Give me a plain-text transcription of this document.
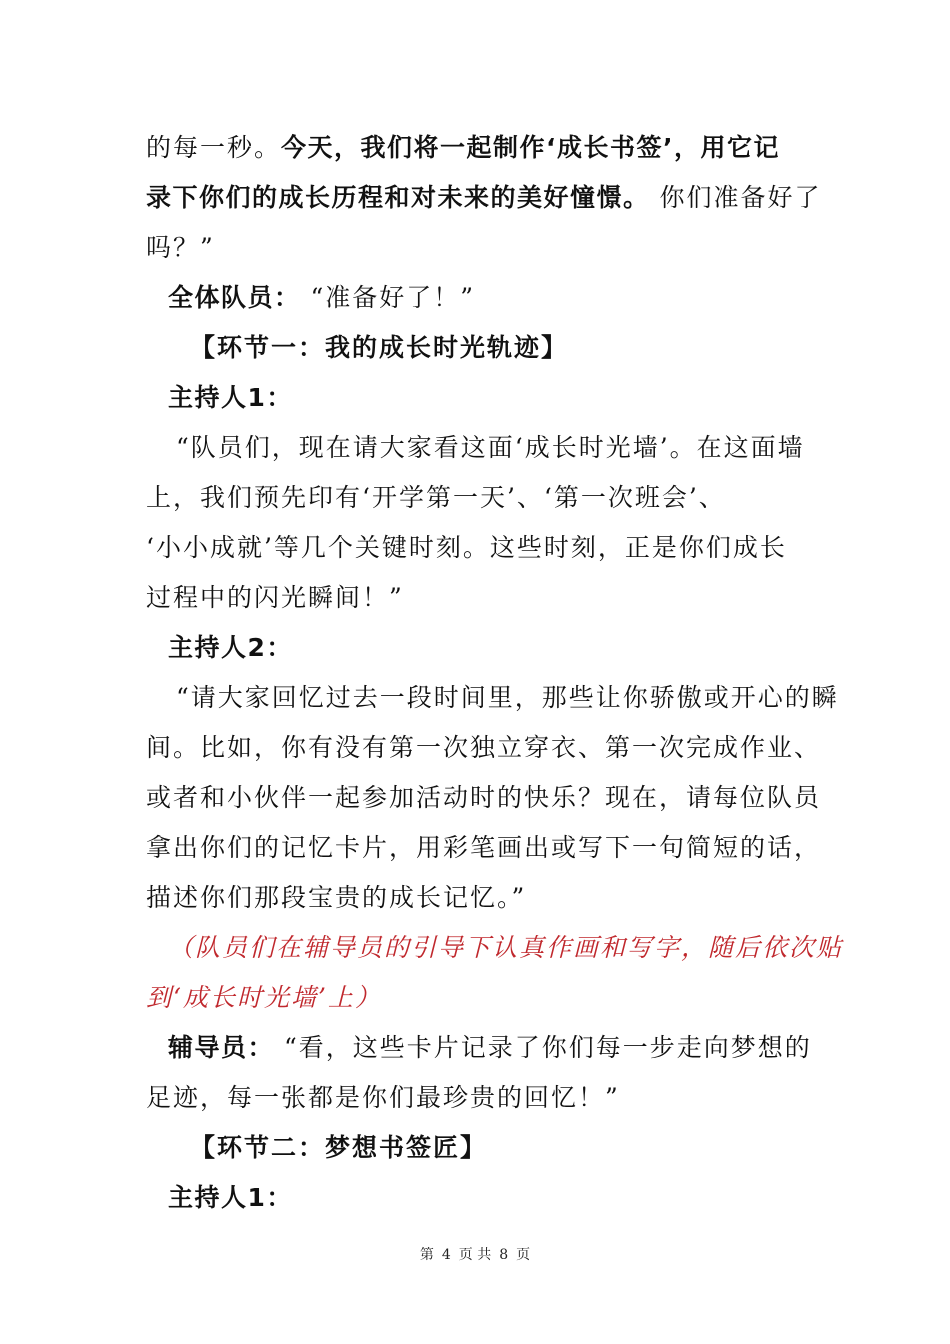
的每一秒。今天，我们将一起制作‘成长书签’，用它记
录下你们的成长历程和对未来的美好憧憬。 你们准备好了
吗？”
全体队员： “准备好了！”
【环节一：我的成长时光轨迹】
主持人1：
“队员们，现在请大家看这面‘成长时光墙’。在这面墙
上，我们预先印有‘开学第一天’、‘第一次班会’、
‘小小成就’等几个关键时刻。这些时刻，正是你们成长
过程中的闪光瞬间！”
主持人2：
“请大家回忆过去一段时间里，那些让你骄傲或开心的瞬
间。比如，你有没有第一次独立穿衣、第一次完成作业、
或者和小伙伴一起参加活动时的快乐？现在，请每位队员
拿出你们的记忆卡片，用彩笔画出或写下一句简短的话，
描述你们那段宝贵的成长记忆。”
（队员们在辅导员的引导下认真作画和写字，随后依次贴
到‘成长时光墙’上）
辅导员： “看，这些卡片记录了你们每一步走向梦想的
足迹，每一张都是你们最珍贵的回忆！”
【环节二：梦想书签匠】
主持人1：
第 4 页 共 8 页
